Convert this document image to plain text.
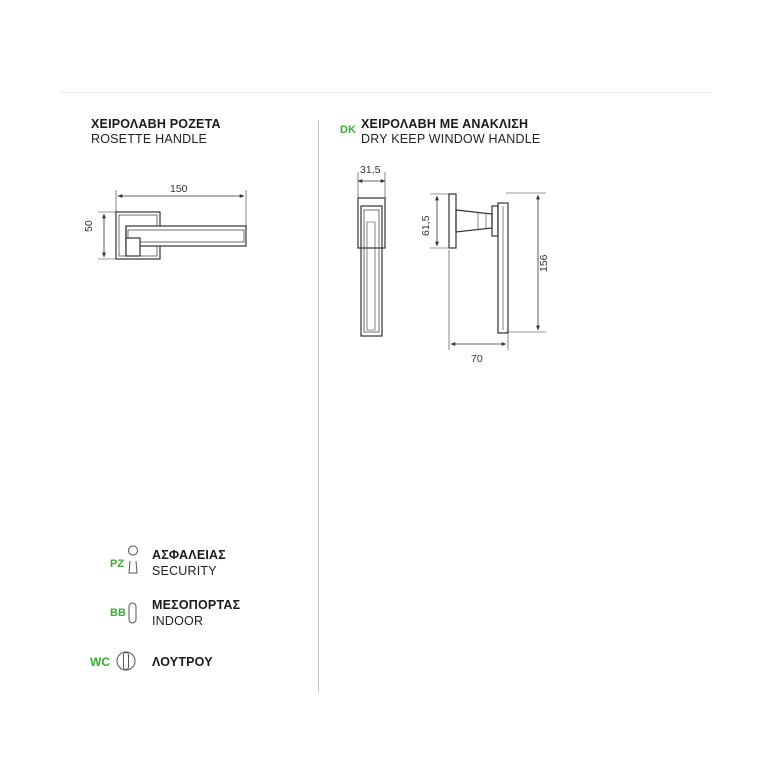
ΧΕΙΡΟΛΑΒΗ ΡΟΖΕΤΑ
ROSETTE HANDLE
DK ΧΕΙΡΟΛΑΒΗ ΜΕ ΑΝΑΚΛΙΣΗ
DRY KEEP WINDOW HANDLE
150
50
31,5
61,5
156
70
PZ
ΑΣΦΑΛΕΙΑΣ
SECURITY
BB
ΜΕΣΟΠΟΡΤΑΣ
INDOOR
WC	ΛΟΥΤΡΟΥ
